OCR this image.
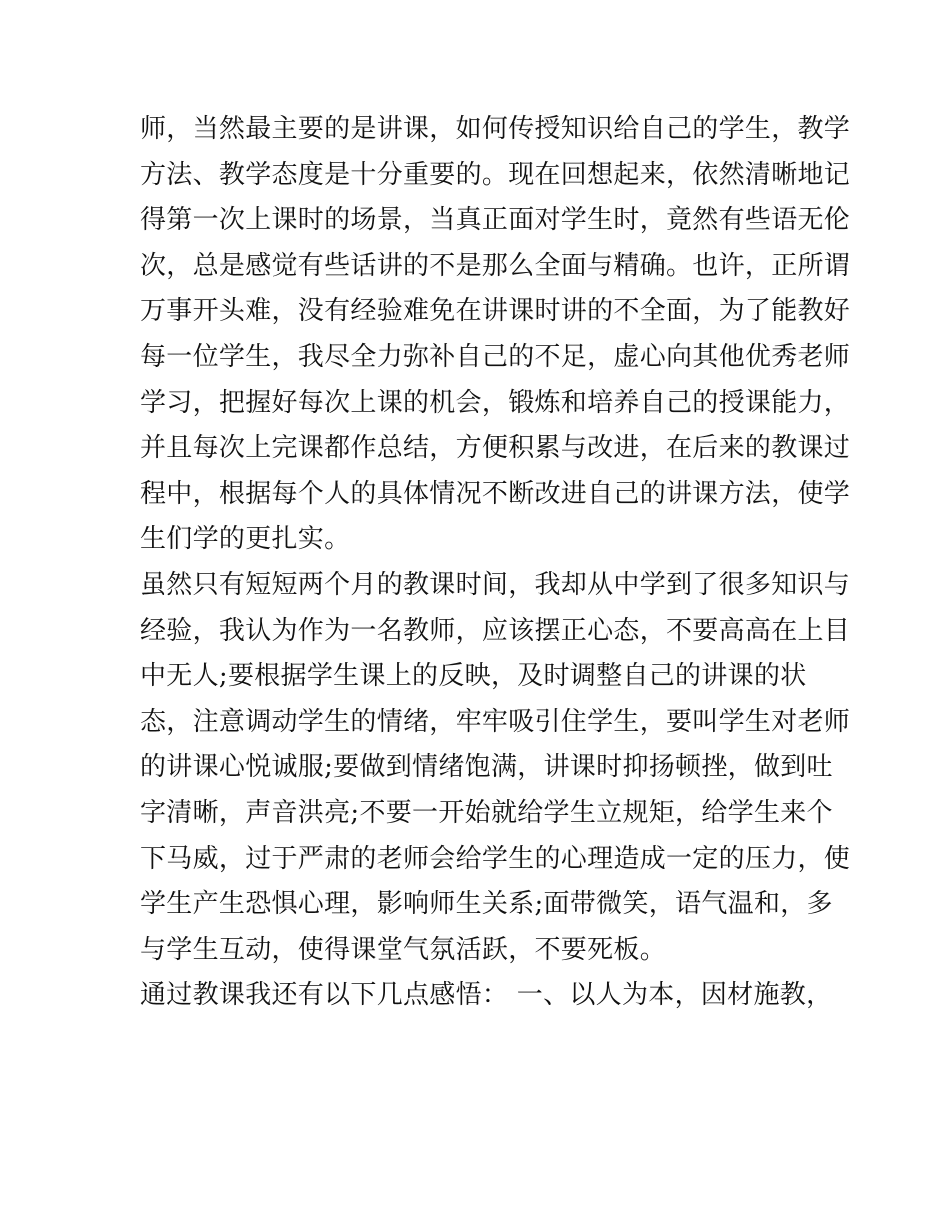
师，当然最主要的是讲课，如何传授知识给自己的学生，教学
方法、教学态度是十分重要的。现在回想起来，依然清晰地记
得第一次上课时的场景，当真正面对学生时，竟然有些语无伦
次，总是感觉有些话讲的不是那么全面与精确。也许，正所谓
万事开头难，没有经验难免在讲课时讲的不全面，为了能教好
每一位学生，我尽全力弥补自己的不足，虚心向其他优秀老师
学习，把握好每次上课的机会，锻炼和培养自己的授课能力，
并且每次上完课都作总结，方便积累与改进，在后来的教课过
程中，根据每个人的具体情况不断改进自己的讲课方法，使学
生们学的更扎实。
虽然只有短短两个月的教课时间，我却从中学到了很多知识与
经验，我认为作为一名教师，应该摆正心态，不要高高在上目
中无人;要根据学生课上的反映，及时调整自己的讲课的状
态，注意调动学生的情绪，牢牢吸引住学生，要叫学生对老师
的讲课心悦诚服;要做到情绪饱满，讲课时抑扬顿挫，做到吐
字清晰，声音洪亮;不要一开始就给学生立规矩，给学生来个
下马威，过于严肃的老师会给学生的心理造成一定的压力，使
学生产生恐惧心理，影响师生关系;面带微笑，语气温和，多
与学生互动，使得课堂气氛活跃，不要死板。
通过教课我还有以下几点感悟： 一、以人为本，因材施教，
